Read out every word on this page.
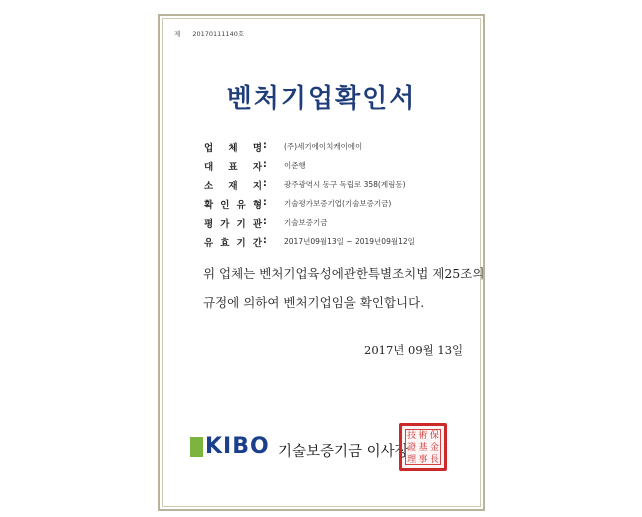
제 20170111140호
벤처기업확인서
업 체 명 : (주)세기에이치케이에이
대 표 자 : 이준행
소 재 지 : 광주광역시 동구 독립로 358(계림동)
확 인 유 형 : 기술평가보증기업(기술보증기금)
평 가 기 관 : 기술보증기금
유 효 기 간 : 2017년09월13일 ~ 2019년09월12일
위 업체는 벤처기업육성에관한특별조치법 제25조의
규정에 의하여 벤처기업임을 확인합니다.
2017년 09월 13일
KIBO 기술보증기금 이사장
技 術 保
證 基 金
理 事 長
